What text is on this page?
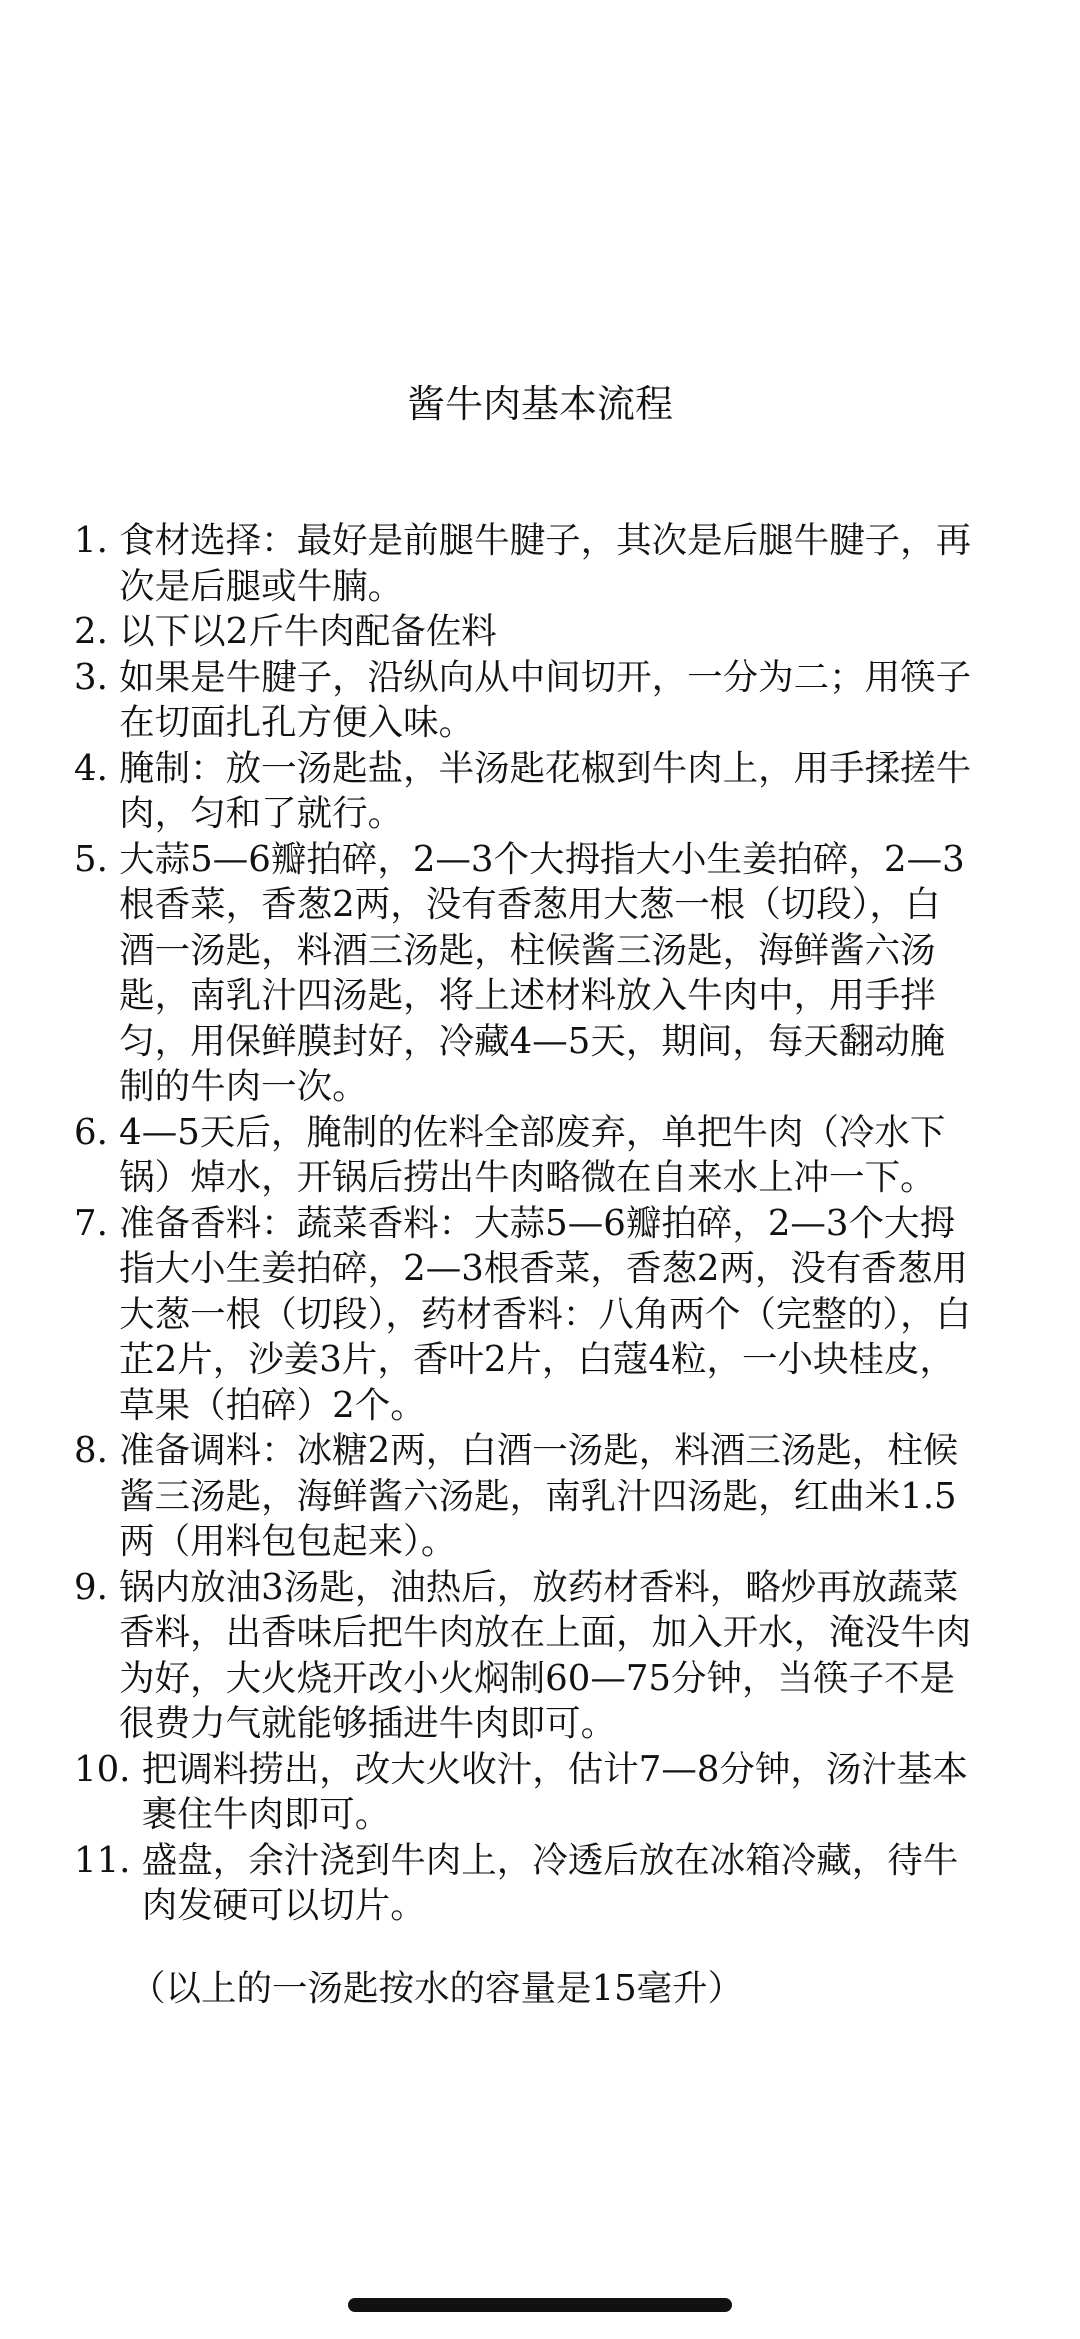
酱牛肉基本流程
1. 食材选择：最好是前腿牛腱子，其次是后腿牛腱子，再次是后腿或牛腩。
2. 以下以2斤牛肉配备佐料
3. 如果是牛腱子，沿纵向从中间切开，一分为二；用筷子在切面扎孔方便入味。
4. 腌制：放一汤匙盐，半汤匙花椒到牛肉上，用手揉搓牛肉，匀和了就行。
5. 大蒜5—6瓣拍碎，2—3个大拇指大小生姜拍碎，2—3根香菜，香葱2两，没有香葱用大葱一根（切段），白酒一汤匙，料酒三汤匙，柱候酱三汤匙，海鲜酱六汤匙，南乳汁四汤匙，将上述材料放入牛肉中，用手拌匀，用保鲜膜封好，冷藏4—5天，期间，每天翻动腌制的牛肉一次。
6. 4—5天后，腌制的佐料全部废弃，单把牛肉（冷水下锅）焯水，开锅后捞出牛肉略微在自来水上冲一下。
7. 准备香料：蔬菜香料：大蒜5—6瓣拍碎，2—3个大拇指大小生姜拍碎，2—3根香菜，香葱2两，没有香葱用大葱一根（切段），药材香料：八角两个（完整的），白芷2片，沙姜3片，香叶2片，白蔻4粒，一小块桂皮，草果（拍碎）2个。
8. 准备调料：冰糖2两，白酒一汤匙，料酒三汤匙，柱候酱三汤匙，海鲜酱六汤匙，南乳汁四汤匙，红曲米1.5两（用料包包起来）。
9. 锅内放油3汤匙，油热后，放药材香料，略炒再放蔬菜香料，出香味后把牛肉放在上面，加入开水，淹没牛肉为好，大火烧开改小火焖制60—75分钟，当筷子不是很费力气就能够插进牛肉即可。
10. 把调料捞出，改大火收汁，估计7—8分钟，汤汁基本裹住牛肉即可。
11. 盛盘，余汁浇到牛肉上，冷透后放在冰箱冷藏，待牛肉发硬可以切片。

（以上的一汤匙按水的容量是15毫升）
